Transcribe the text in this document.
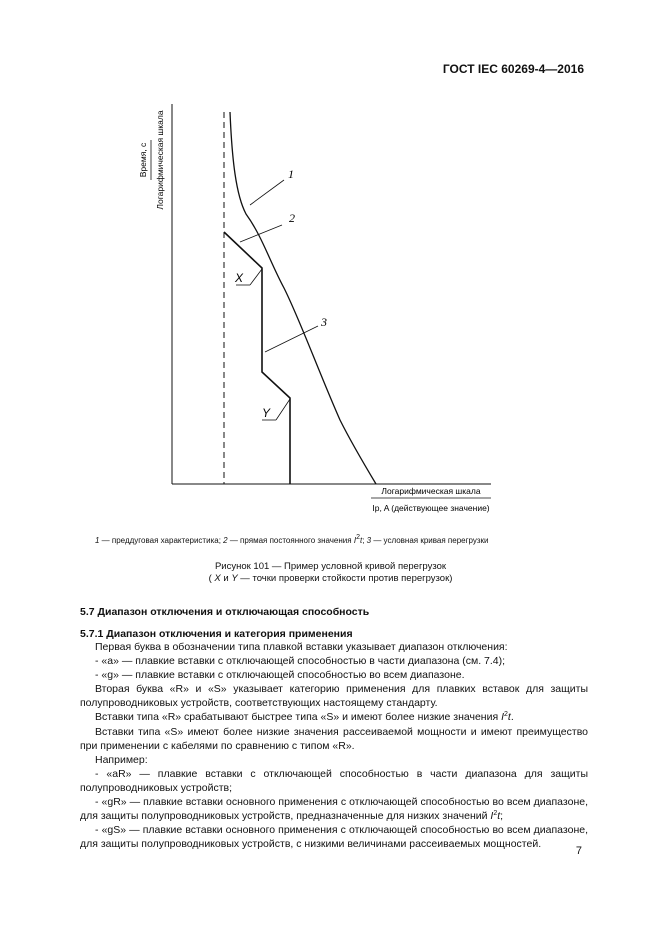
ГОСТ IEC 60269-4—2016
Время, с Логарифмическая шкала
Логарифмическая шкала
Ip, A (действующее значение)
1
2
X
3
Y
1 — преддуговая характеристика; 2 — прямая постоянного значения $I^2t$; 3 — условная кривая перегрузки
Рисунок 101 — Пример условной кривой перегрузок
( X и Y — точки проверки стойкости против перегрузок)
5.7 Диапазон отключения и отключающая способность
5.7.1 Диапазон отключения и категория применения

Первая буква в обозначении типа плавкой вставки указывает диапазон отключения:

- «a» — плавкие вставки с отключающей способностью в части диапазона (см. 7.4);

- «g» — плавкие вставки с отключающей способностью во всем диапазоне.

Вторая буква «R» и «S» указывает категорию применения для плавких вставок для защиты полупроводниковых устройств, соответствующих настоящему стандарту.

Вставки типа «R» срабатывают быстрее типа «S» и имеют более низкие значения $I^2t$.

Вставки типа «S» имеют более низкие значения рассеиваемой мощности и имеют преимущество при применении с кабелями по сравнению с типом «R».

Например:

- «aR» — плавкие вставки с отключающей способностью в части диапазона для защиты полупроводниковых устройств;

- «gR» — плавкие вставки основного применения с отключающей способностью во всем диапазоне, для защиты полупроводниковых устройств, предназначенные для низких значений $I^2t$;

- «gS» — плавкие вставки основного применения с отключающей способностью во всем диапазоне, для защиты полупроводниковых устройств, с низкими величинами рассеиваемых мощностей.

7
